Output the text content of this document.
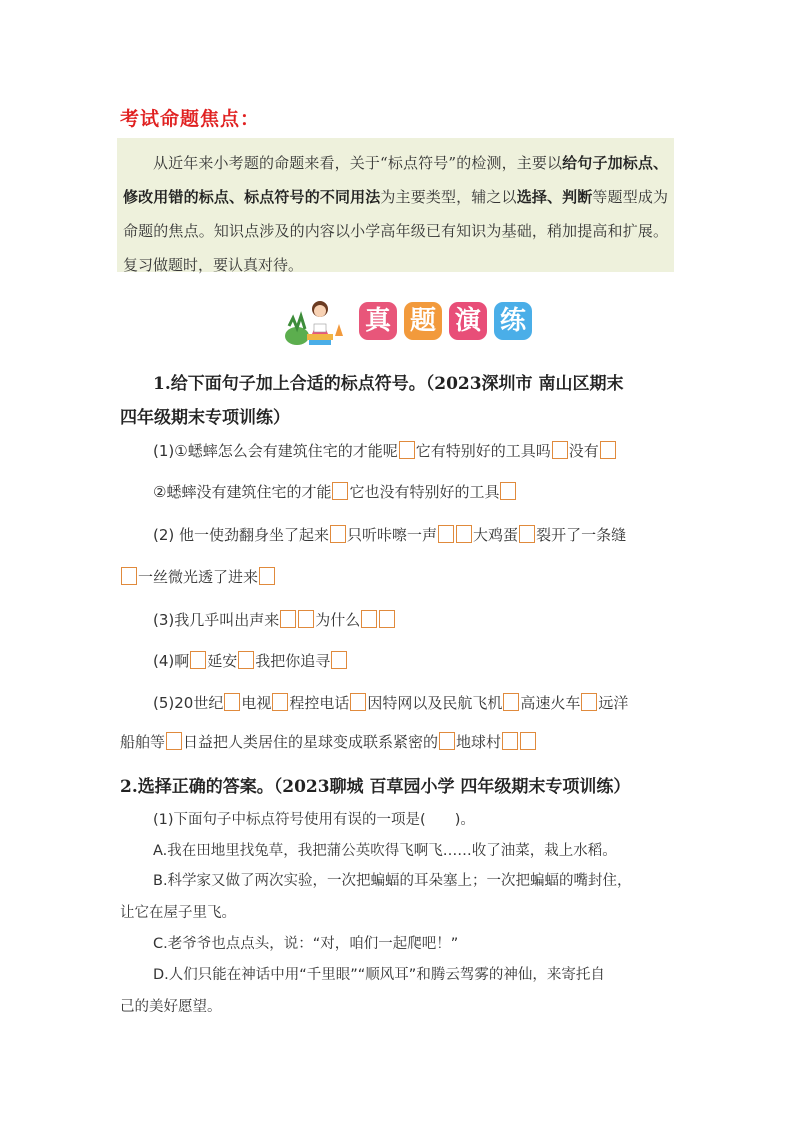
考试命题焦点：

从近年来小考题的命题来看，关于“标点符号”的检测，主要以给句子加标点、修改用错的标点、标点符号的不同用法为主要类型，辅之以选择、判断等题型成为命题的焦点。知识点涉及的内容以小学高年级已有知识为基础，稍加提高和扩展。复习做题时，要认真对待。

真 题 演 练
1.给下面句子加上合适的标点符号。（2023深圳市 南山区期末
四年级期末专项训练）
(1)①蟋蟀怎么会有建筑住宅的才能呢 它有特别好的工具吗 没有
②蟋蟀没有建筑住宅的才能 它也没有特别好的工具
(2) 他一使劲翻身坐了起来 只听咔嚓一声 大鸡蛋 裂开了一条缝
一丝微光透了进来
(3)我几乎叫出声来 为什么
(4)啊 延安 我把你追寻
(5)20世纪 电视 程控电话 因特网以及民航飞机 高速火车 远洋
船舶等 日益把人类居住的星球变成联系紧密的 地球村
2.选择正确的答案。（2023聊城 百草园小学 四年级期末专项训练）
(1)下面句子中标点符号使用有误的一项是(　　)。
A.我在田地里找兔草，我把蒲公英吹得飞啊飞……收了油菜，栽上水稻。
B.科学家又做了两次实验，一次把蝙蝠的耳朵塞上；一次把蝙蝠的嘴封住，
让它在屋子里飞。
C.老爷爷也点点头，说：“对，咱们一起爬吧！”
D.人们只能在神话中用“千里眼”“顺风耳”和腾云驾雾的神仙，来寄托自
己的美好愿望。
